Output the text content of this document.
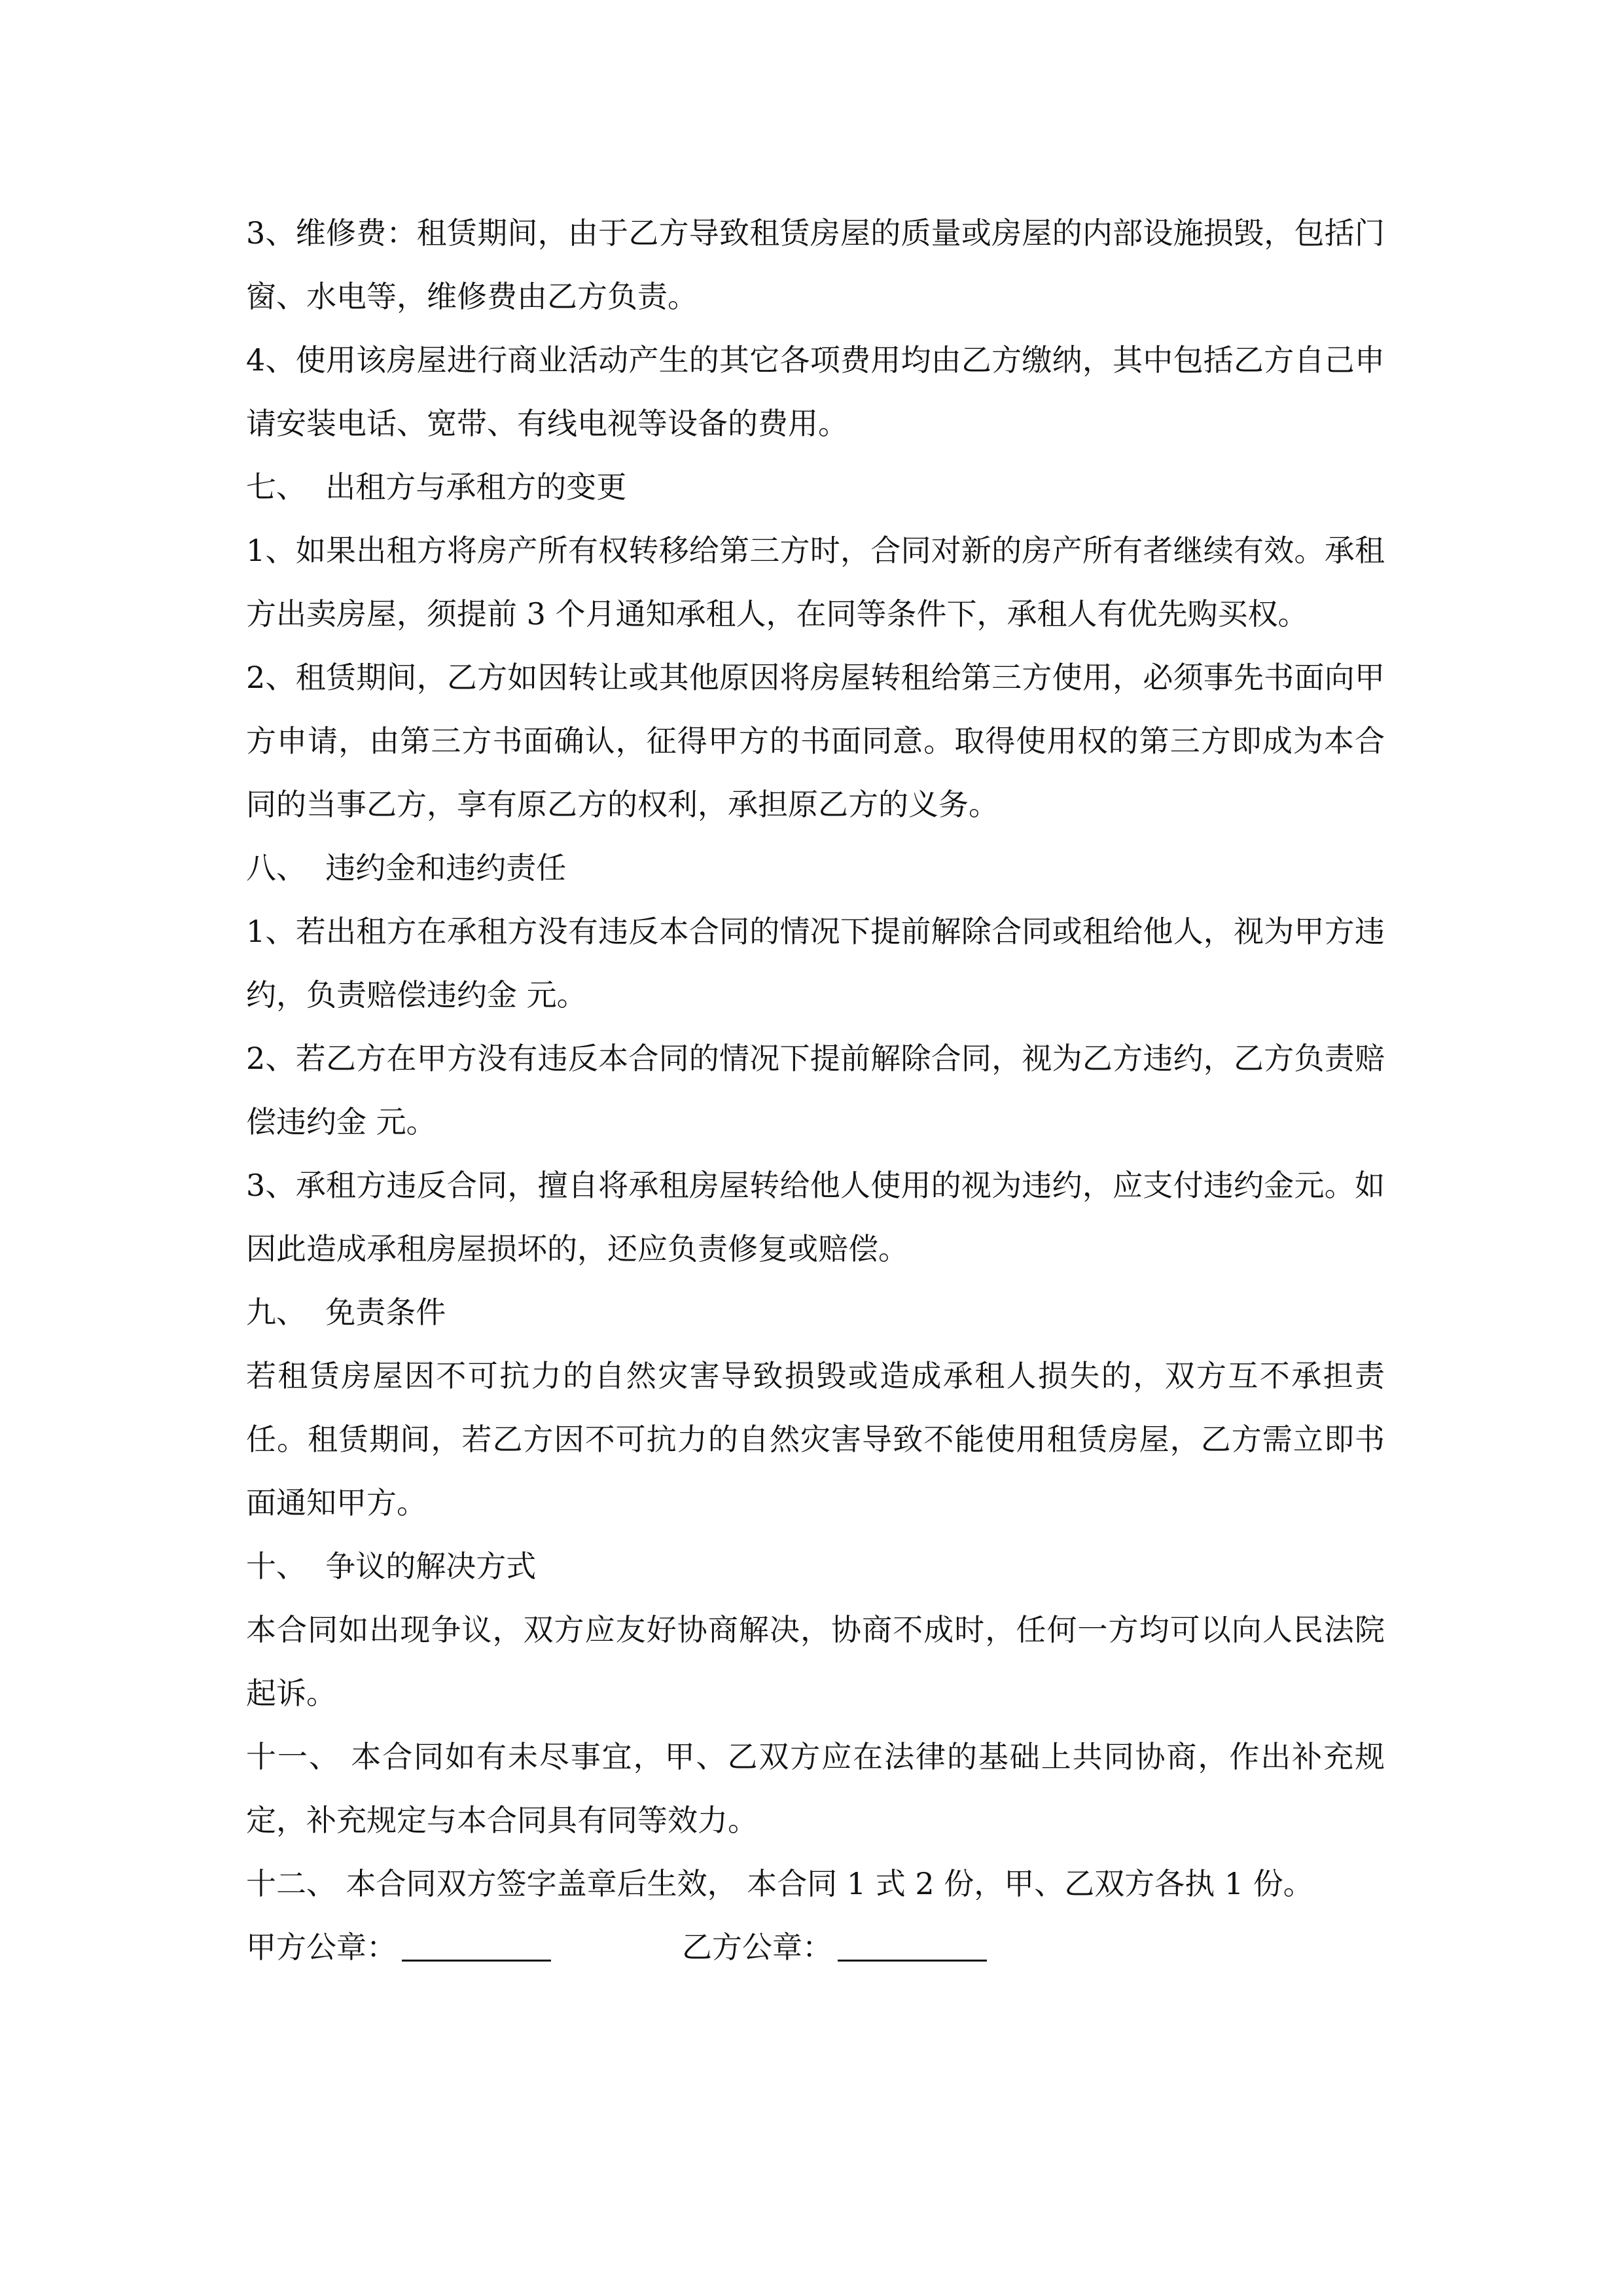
3、维修费：租赁期间，由于乙方导致租赁房屋的质量或房屋的内部设施损毁，包括门窗、水电等，维修费由乙方负责。

4、使用该房屋进行商业活动产生的其它各项费用均由乙方缴纳，其中包括乙方自己申请安装电话、宽带、有线电视等设备的费用。

七、  出租方与承租方的变更

1、如果出租方将房产所有权转移给第三方时，合同对新的房产所有者继续有效。承租方出卖房屋，须提前 3 个月通知承租人，在同等条件下，承租人有优先购买权。

2、租赁期间，乙方如因转让或其他原因将房屋转租给第三方使用，必须事先书面向甲方申请，由第三方书面确认，征得甲方的书面同意。取得使用权的第三方即成为本合同的当事乙方，享有原乙方的权利，承担原乙方的义务。

八、  违约金和违约责任

1、若出租方在承租方没有违反本合同的情况下提前解除合同或租给他人，视为甲方违约，负责赔偿违约金 元。

2、若乙方在甲方没有违反本合同的情况下提前解除合同，视为乙方违约，乙方负责赔偿违约金 元。

3、承租方违反合同，擅自将承租房屋转给他人使用的视为违约，应支付违约金元。如因此造成承租房屋损坏的，还应负责修复或赔偿。

九、  免责条件

若租赁房屋因不可抗力的自然灾害导致损毁或造成承租人损失的，双方互不承担责任。租赁期间，若乙方因不可抗力的自然灾害导致不能使用租赁房屋，乙方需立即书面通知甲方。

十、  争议的解决方式

本合同如出现争议，双方应友好协商解决，协商不成时，任何一方均可以向人民法院起诉。

十一、 本合同如有未尽事宜，甲、乙双方应在法律的基础上共同协商，作出补充规定，补充规定与本合同具有同等效力。

十二、 本合同双方签字盖章后生效， 本合同 1 式 2 份，甲、乙双方各执 1 份。

甲方公章：	乙方公章：
